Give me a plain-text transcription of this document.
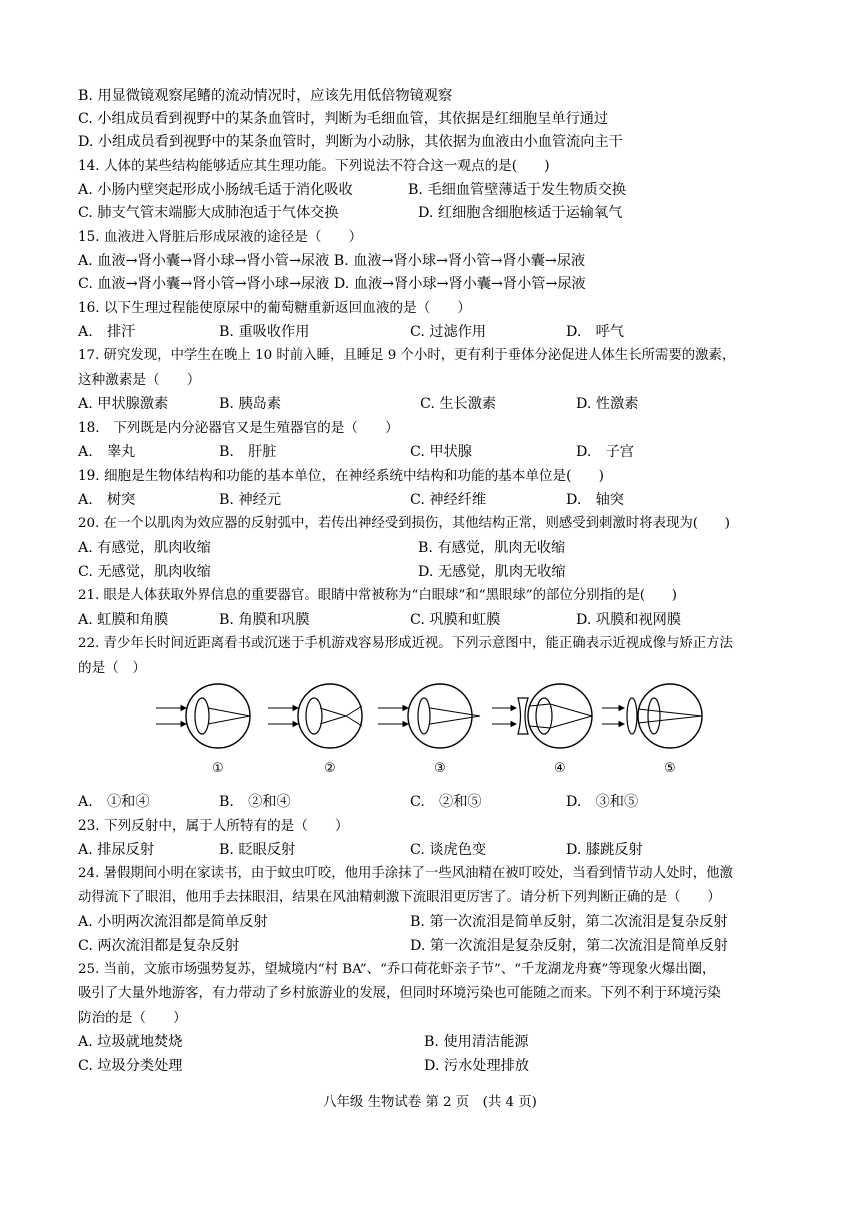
B. 用显微镜观察尾鳍的流动情况时，应该先用低倍物镜观察
C. 小组成员看到视野中的某条血管时，判断为毛细血管，其依据是红细胞呈单行通过
D. 小组成员看到视野中的某条血管时，判断为小动脉，其依据为血液由小血管流向主干
14. 人体的某些结构能够适应其生理功能。下列说法不符合这一观点的是(　　)
A. 小肠内壁突起形成小肠绒毛适于消化吸收	B. 毛细血管壁薄适于发生物质交换
C. 肺支气管末端膨大成肺泡适于气体交换	D. 红细胞含细胞核适于运输氧气
15. 血液进入肾脏后形成尿液的途径是（　　）
A. 血液→肾小囊→肾小球→肾小管→尿液 B. 血液→肾小球→肾小管→肾小囊→尿液
C. 血液→肾小囊→肾小管→肾小球→尿液 D. 血液→肾小球→肾小囊→肾小管→尿液
16. 以下生理过程能使原尿中的葡萄糖重新返回血液的是（　　）
A.　排汗	B. 重吸收作用	C. 过滤作用	D.　呼气
17. 研究发现，中学生在晚上 10 时前入睡，且睡足 9 个小时，更有利于垂体分泌促进人体生长所需要的激素，
这种激素是（　　）
A. 甲状腺激素	B. 胰岛素	C. 生长激素	D. 性激素
18.　下列既是内分泌器官又是生殖器官的是（　　）
A.　睾丸	B.　肝脏	C. 甲状腺	D.　子宫
19. 细胞是生物体结构和功能的基本单位，在神经系统中结构和功能的基本单位是(　　)
A.　树突	B. 神经元	C. 神经纤维	D.　轴突
20. 在一个以肌肉为效应器的反射弧中，若传出神经受到损伤，其他结构正常，则感受到刺激时将表现为(　　)
A. 有感觉，肌肉收缩	B. 有感觉，肌肉无收缩
C. 无感觉，肌肉收缩	D. 无感觉，肌肉无收缩
21. 眼是人体获取外界信息的重要器官。眼睛中常被称为“白眼球”和“黑眼球”的部位分别指的是(　　)
A. 虹膜和角膜	B. 角膜和巩膜	C. 巩膜和虹膜	D. 巩膜和视网膜
22. 青少年长时间近距离看书或沉迷于手机游戏容易形成近视。下列示意图中，能正确表示近视成像与矫正方法
的是（　）
①	②	③	④	⑤
A.　①和④	B.　②和④	C.　②和⑤	D.　③和⑤
23. 下列反射中，属于人所特有的是（　　）
A. 排尿反射	B. 眨眼反射	C. 谈虎色变	D. 膝跳反射
24. 暑假期间小明在家读书，由于蚊虫叮咬，他用手涂抹了一些风油精在被叮咬处，当看到情节动人处时，他激
动得流下了眼泪，他用手去抹眼泪，结果在风油精刺激下流眼泪更厉害了。请分析下列判断正确的是（　　）
A. 小明两次流泪都是简单反射	B. 第一次流泪是简单反射，第二次流泪是复杂反射
C. 两次流泪都是复杂反射	D. 第一次流泪是复杂反射，第二次流泪是简单反射
25. 当前，文旅市场强势复苏，望城境内“村 BA”、“乔口荷花虾亲子节”、“千龙湖龙舟赛”等现象火爆出圈，
吸引了大量外地游客，有力带动了乡村旅游业的发展，但同时环境污染也可能随之而来。下列不利于环境污染
防治的是（　　）
A. 垃圾就地焚烧	B. 使用清洁能源
C. 垃圾分类处理	D. 污水处理排放
八年级 生物试卷 第 2 页　(共 4 页)
